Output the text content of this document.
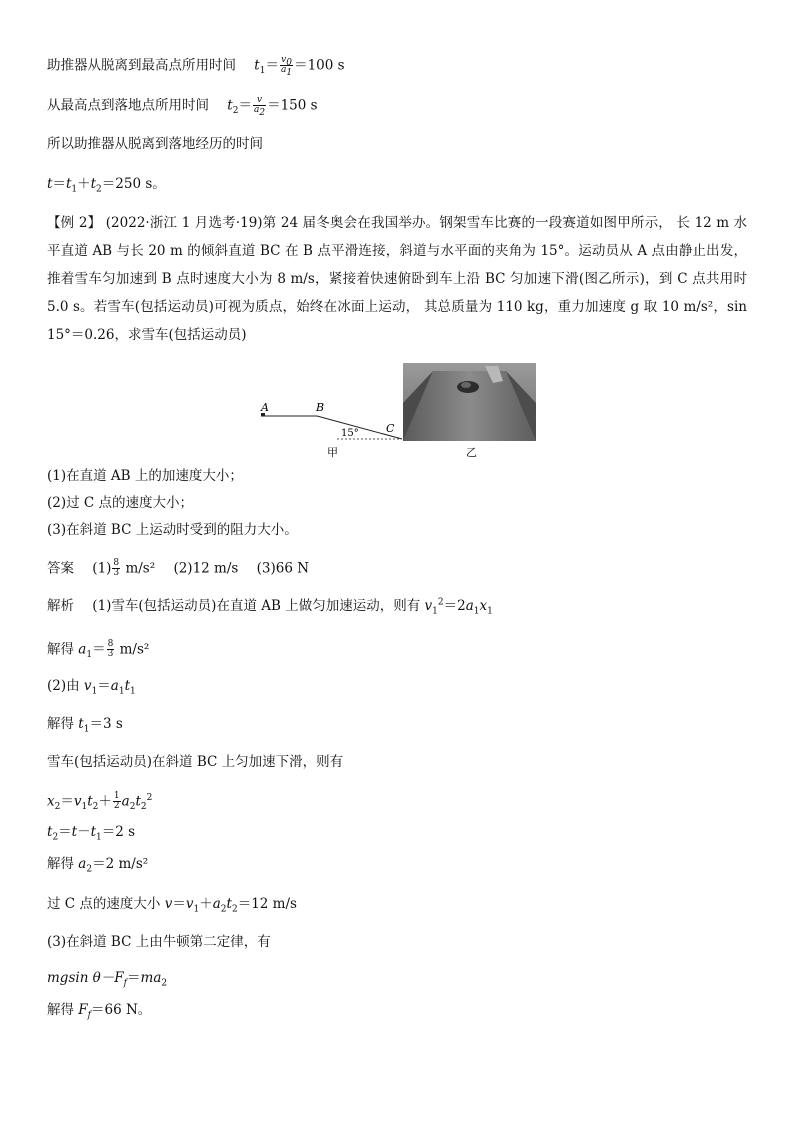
助推器从脱离到最高点所用时间 $t_1= \frac{v_0}{a_1} =100$ s
从最高点到落地点所用时间 $t_2= \frac{v}{a_2} =150$ s
所以助推器从脱离到落地经历的时间
$t=t_1+t_2=250$ s。
【例 2】 (2022·浙江 1 月选考·19)第 24 届冬奥会在我国举办。钢架雪车比赛的一段赛道如图甲所示， 长 12 m 水平直道 AB 与长 20 m 的倾斜直道 BC 在 B 点平滑连接，斜道与水平面的夹角为 15°。运动员从 A 点由静止出发，推着雪车匀加速到 B 点时速度大小为 8 m/s，紧接着快速俯卧到车上沿 BC 匀加速下滑(图乙所示)，到 C 点共用时 5.0 s。若雪车(包括运动员)可视为质点，始终在冰面上运动， 其总质量为 110 kg，重力加速度 g 取 10 m/s²，sin 15°＝0.26，求雪车(包括运动员)
A	B
C
15°
甲	乙
(1)在直道 AB 上的加速度大小；
(2)过 C 点的速度大小；
(3)在斜道 BC 上运动时受到的阻力大小。
答案 $(1) \frac{8}{3} m/s^2$ (2)12 m/s (3)66 N
解析 (1)雪车(包括运动员)在直道 AB 上做匀加速运动，则有 $v_1^2=2a_1x_1$
解得 $a_1= \frac{8}{3} m/s^2$
(2)由 $v_1=a_1t_1$
解得 $t_1=3$ s
雪车(包括运动员)在斜道 BC 上匀加速下滑，则有
$x_2=v_1t_2+ \frac{1}{2} a_2t_2^2$
$t_2=t-t_1=2$ s
解得 $a_2=2$ m/s²
过 C 点的速度大小 $v=v_1+a_2t_2=12$ m/s
(3)在斜道 BC 上由牛顿第二定律，有
mgsin $\theta-F_f=ma_2$
解得 $F_f=66$ N。
